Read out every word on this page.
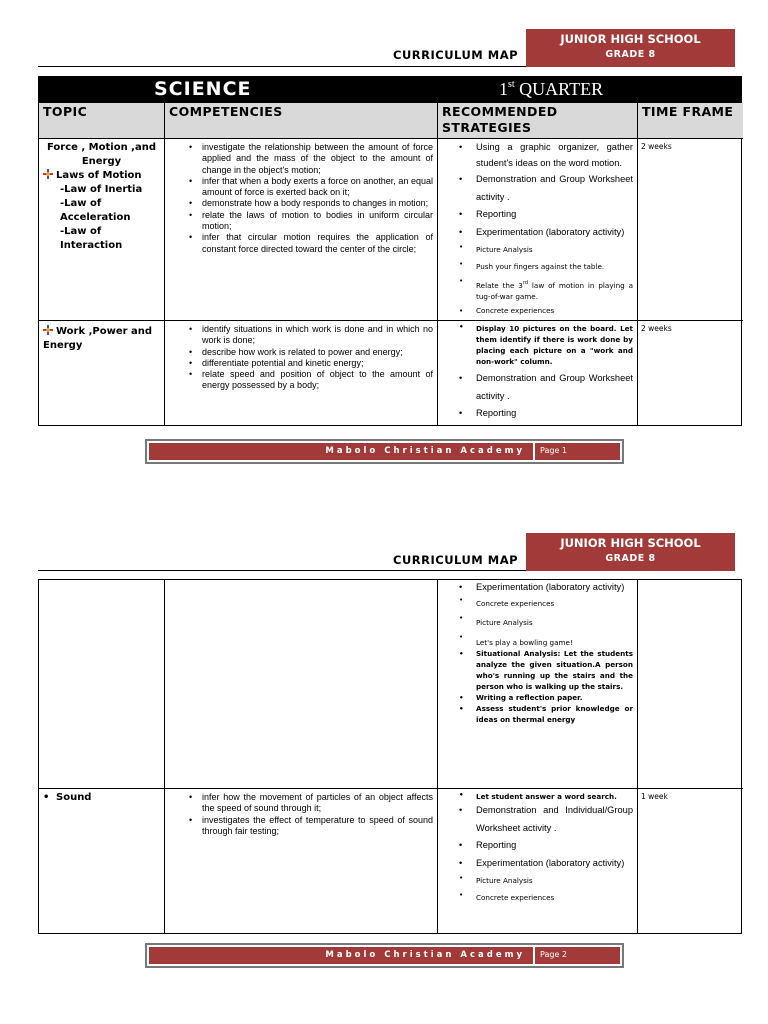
JUNIOR HIGH SCHOOL
GRADE 8
CURRICULUM MAP
SCIENCE	1st QUARTER
TOPIC	COMPETENCIES	RECOMMENDED STRATEGIES
TIME FRAME
Force , Motion ,and Energy
Laws of Motion
-Law of Inertia
-Law of Acceleration
-Law of Interaction
• investigate the relationship between the amount of force applied and the mass of the object to the amount of change in the object's motion;
• infer that when a body exerts a force on another, an equal amount of force is exerted back on it;
• demonstrate how a body responds to changes in motion;
• relate the laws of motion to bodies in uniform circular motion;
• infer that circular motion requires the application of constant force directed toward the center of the circle;
• Using a graphic organizer, gather student's ideas on the word motion.
• Demonstration and Group Worksheet activity .
• Reporting
• Experimentation (laboratory activity)
• Picture Analysis
• Push your fingers against the table.
• Relate the 3rd law of motion in playing a tug-of-war game.
• Concrete experiences
2 weeks
Work ,Power and Energy
• identify situations in which work is done and in which no work is done;
• describe how work is related to power and energy;
• differentiate potential and kinetic energy;
• relate speed and position of object to the amount of energy possessed by a body;
• Display 10 pictures on the board. Let them identify if there is work done by placing each picture on a "work and non-work" column.
• Demonstration and Group Worksheet activity .
• Reporting
2 weeks
Mabolo Christian Academy	Page 1
JUNIOR HIGH SCHOOL
GRADE 8
CURRICULUM MAP
• Experimentation (laboratory activity)
• Concrete experiences
• Picture Analysis
• Let's play a bowling game!
• Situational Analysis: Let the students analyze the given situation.A person who's running up the stairs and the person who is walking up the stairs.
• Writing a reflection paper.
• Assess student's prior knowledge or ideas on thermal energy
• Sound
•	infer how the movement of particles of an object affects the speed of sound through it;
• investigates the effect of temperature to speed of sound through fair testing;
• Let student answer a word search.
• Demonstration and Individual/Group Worksheet activity .
• Reporting
• Experimentation (laboratory activity)
• Picture Analysis
• Concrete experiences
1 week
Mabolo Christian Academy	Page 2
